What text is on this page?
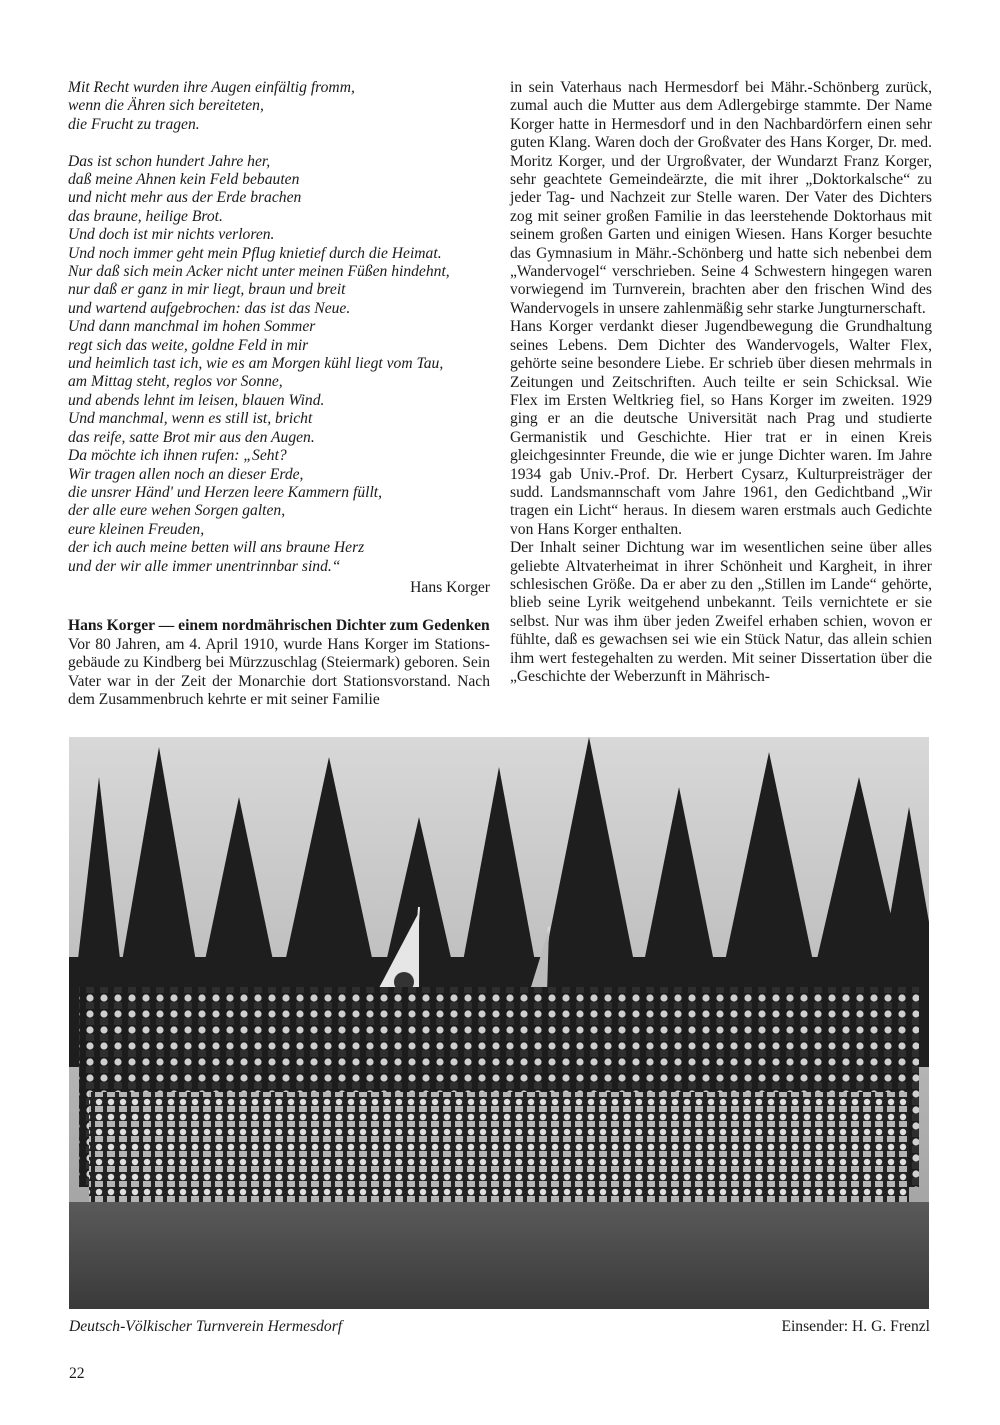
Mit Recht wurden ihre Augen einfältig fromm,
wenn die Ähren sich bereiteten,
die Frucht zu tragen.
Das ist schon hundert Jahre her,
daß meine Ahnen kein Feld bebauten
und nicht mehr aus der Erde brachen
das braune, heilige Brot.
Und doch ist mir nichts verloren.
Und noch immer geht mein Pflug knietief durch die Heimat.
Nur daß sich mein Acker nicht unter meinen Füßen hindehnt,
nur daß er ganz in mir liegt, braun und breit
und wartend aufgebrochen: das ist das Neue.
Und dann manchmal im hohen Sommer
regt sich das weite, goldne Feld in mir
und heimlich tast ich, wie es am Morgen kühl liegt vom Tau,
am Mittag steht, reglos vor Sonne,
und abends lehnt im leisen, blauen Wind.
Und manchmal, wenn es still ist, bricht
das reife, satte Brot mir aus den Augen.
Da möchte ich ihnen rufen: „Seht?
Wir tragen allen noch an dieser Erde,
die unsrer Händ' und Herzen leere Kammern füllt,
der alle eure wehen Sorgen galten,
eure kleinen Freuden,
der ich auch meine betten will ans braune Herz
und der wir alle immer unentrinnbar sind.“

Hans Korger

Hans Korger — einem nordmährischen Dichter zum Gedenken

Vor 80 Jahren, am 4. April 1910, wurde Hans Korger im Stationsgebäude zu Kindberg bei Mürzzuschlag (Steiermark) geboren. Sein Vater war in der Zeit der Monarchie dort Stationsvorstand. Nach dem Zusammenbruch kehrte er mit seiner Familie

in sein Vaterhaus nach Hermesdorf bei Mähr.-Schönberg zurück, zumal auch die Mutter aus dem Adlergebirge stammte. Der Name Korger hatte in Hermesdorf und in den Nachbardörfern einen sehr guten Klang. Waren doch der Großvater des Hans Korger, Dr. med. Moritz Korger, und der Urgroßvater, der Wundarzt Franz Korger, sehr geachtete Gemeindeärzte, die mit ihrer „Doktorkalsche“ zu jeder Tag- und Nachzeit zur Stelle waren. Der Vater des Dichters zog mit seiner großen Familie in das leerstehende Doktorhaus mit seinem großen Garten und einigen Wiesen. Hans Korger besuchte das Gymnasium in Mähr.-Schönberg und hatte sich nebenbei dem „Wandervogel“ verschrieben. Seine 4 Schwestern hingegen waren vorwiegend im Turnverein, brachten aber den frischen Wind des Wandervogels in unsere zahlenmäßig sehr starke Jungturnerschaft.

Hans Korger verdankt dieser Jugendbewegung die Grundhaltung seines Lebens. Dem Dichter des Wandervogels, Walter Flex, gehörte seine besondere Liebe. Er schrieb über diesen mehrmals in Zeitungen und Zeitschriften. Auch teilte er sein Schicksal. Wie Flex im Ersten Weltkrieg fiel, so Hans Korger im zweiten. 1929 ging er an die deutsche Universität nach Prag und studierte Germanistik und Geschichte. Hier trat er in einen Kreis gleichgesinnter Freunde, die wie er junge Dichter waren. Im Jahre 1934 gab Univ.-Prof. Dr. Herbert Cysarz, Kulturpreisträger der sudd. Landsmannschaft vom Jahre 1961, den Gedichtband „Wir tragen ein Licht“ heraus. In diesem waren erstmals auch Gedichte von Hans Korger enthalten.

Der Inhalt seiner Dichtung war im wesentlichen seine über alles geliebte Altvaterheimat in ihrer Schönheit und Kargheit, in ihrer schlesischen Größe. Da er aber zu den „Stillen im Lande“ gehörte, blieb seine Lyrik weitgehend unbekannt. Teils vernichtete er sie selbst. Nur was ihm über jeden Zweifel erhaben schien, wovon er fühlte, daß es gewachsen sei wie ein Stück Natur, das allein schien ihm wert festegehalten zu werden. Mit seiner Dissertation über die „Geschichte der Weberzunft in Mährisch-

Deutsch-Völkischer Turnverein Hermesdorf	Einsender: H. G. Frenzl
22
